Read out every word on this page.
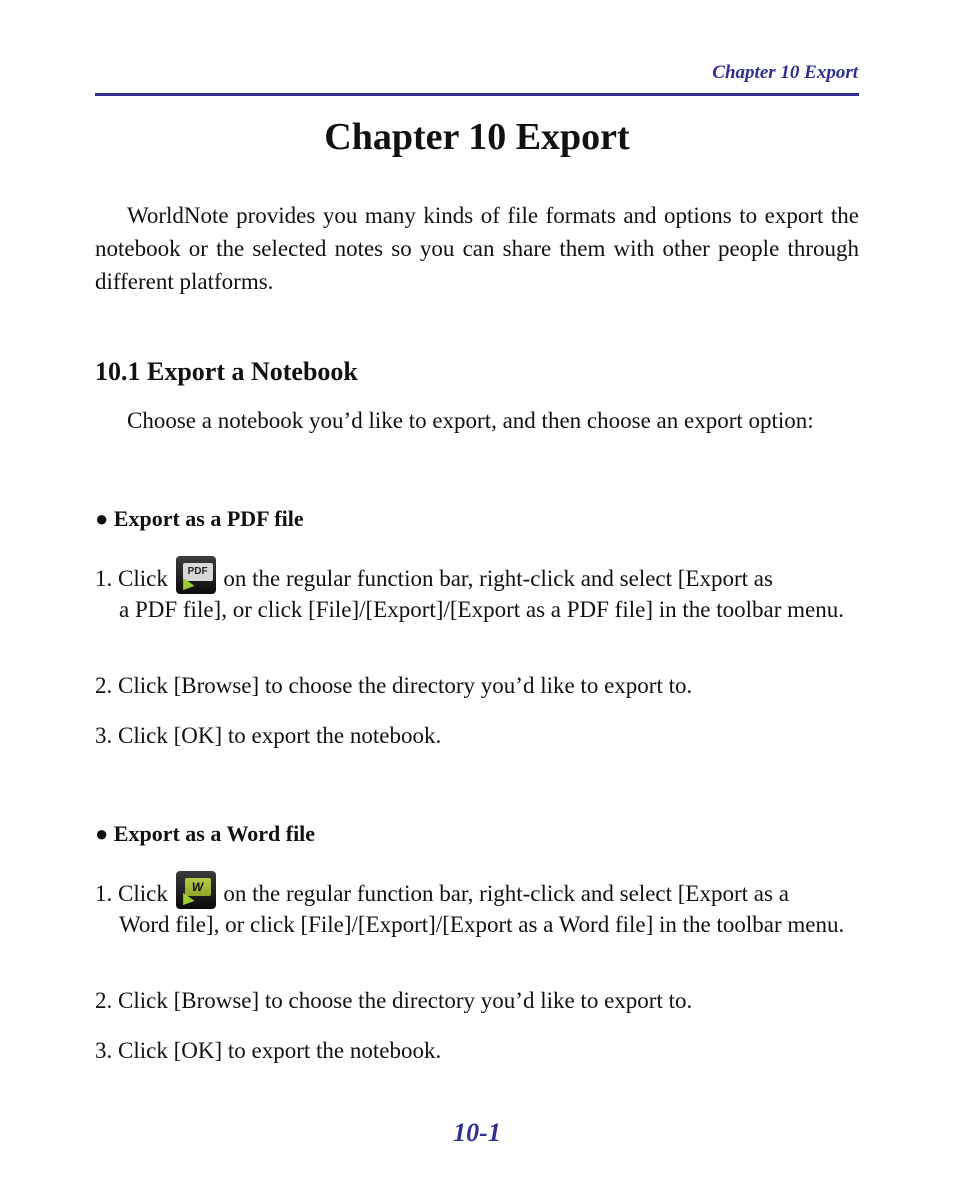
Chapter 10 Export
Chapter 10 Export
WorldNote provides you many kinds of file formats and options to export the notebook or the selected notes so you can share them with other people through different platforms.
10.1 Export a Notebook
Choose a notebook you’d like to export, and then choose an export option:
● Export as a PDF file
1. Click	PDF on the regular function bar, right-click and select [Export as
a PDF file], or click [File]/[Export]/[Export as a PDF file] in the toolbar menu.
2. Click [Browse] to choose the directory you’d like to export to.
3. Click [OK] to export the notebook.
● Export as a Word file
1. Click	W on the regular function bar, right-click and select [Export as a
Word file], or click [File]/[Export]/[Export as a Word file] in the toolbar menu.
2. Click [Browse] to choose the directory you’d like to export to.
3. Click [OK] to export the notebook.
10-1
